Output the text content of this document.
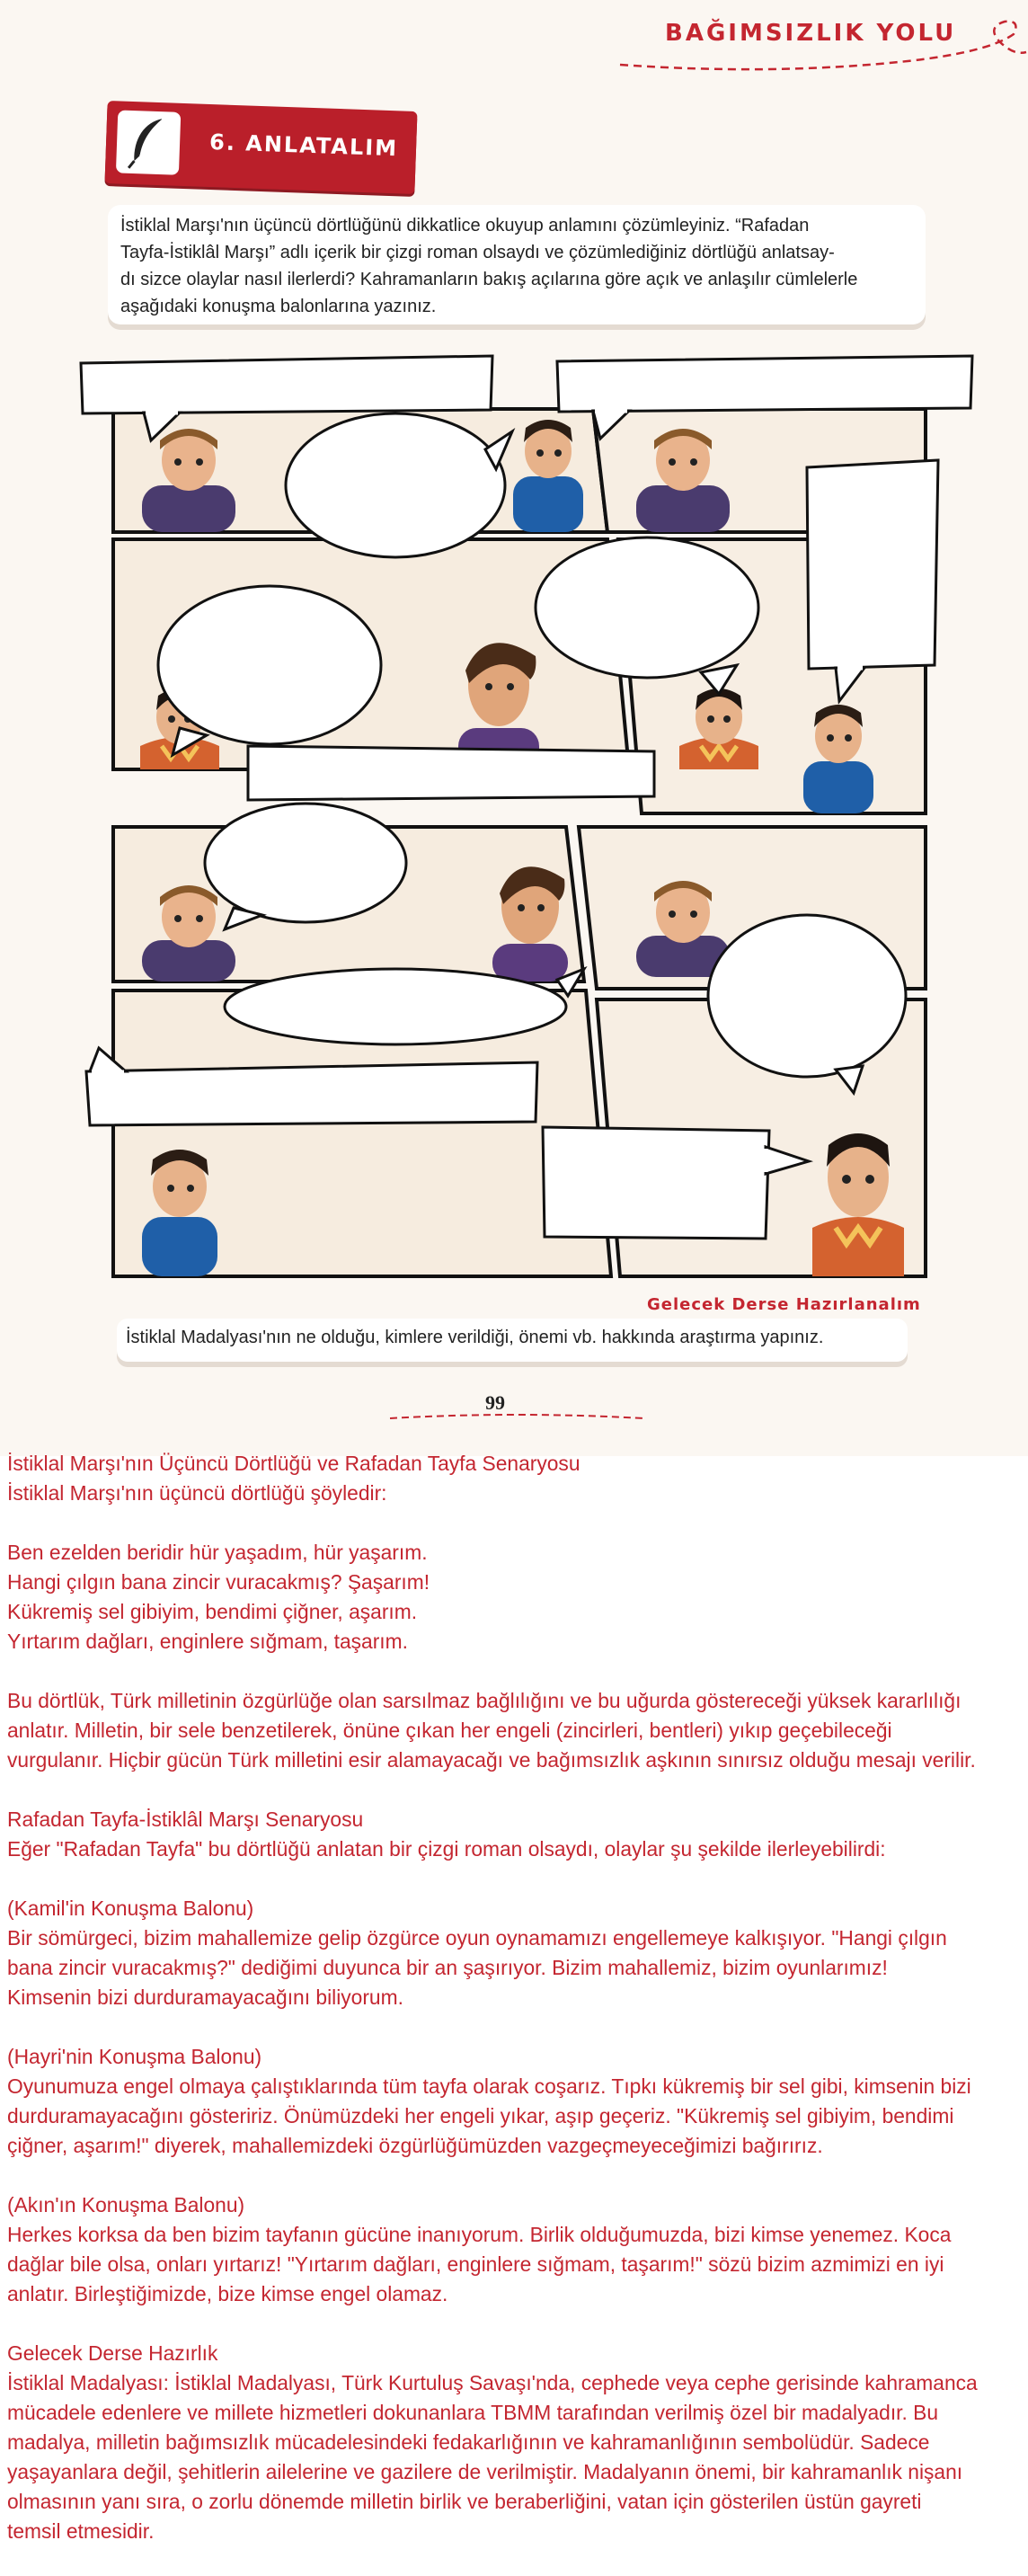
BAĞIMSIZLIK YOLU
6. ANLATALIM
İstiklal Marşı'nın üçüncü dörtlüğünü dikkatlice okuyup anlamını çözümleyiniz. “Rafadan
Tayfa-İstiklâl Marşı” adlı içerik bir çizgi roman olsaydı ve çözümlediğiniz dörtlüğü anlatsay-
dı sizce olaylar nasıl ilerlerdi? Kahramanların bakış açılarına göre açık ve anlaşılır cümlelerle
aşağıdaki konuşma balonlarına yazınız.
Gelecek Derse Hazırlanalım
İstiklal Madalyası'nın ne olduğu, kimlere verildiği, önemi vb. hakkında araştırma yapınız.
99

İstiklal Marşı'nın Üçüncü Dörtlüğü ve Rafadan Tayfa Senaryosu
İstiklal Marşı'nın üçüncü dörtlüğü şöyledir:

Ben ezelden beridir hür yaşadım, hür yaşarım.
Hangi çılgın bana zincir vuracakmış? Şaşarım!
Kükremiş sel gibiyim, bendimi çiğner, aşarım.
Yırtarım dağları, enginlere sığmam, taşarım.

Bu dörtlük, Türk milletinin özgürlüğe olan sarsılmaz bağlılığını ve bu uğurda göstereceği yüksek kararlılığı
anlatır. Milletin, bir sele benzetilerek, önüne çıkan her engeli (zincirleri, bentleri) yıkıp geçebileceği
vurgulanır. Hiçbir gücün Türk milletini esir alamayacağı ve bağımsızlık aşkının sınırsız olduğu mesajı verilir.

Rafadan Tayfa-İstiklâl Marşı Senaryosu
Eğer "Rafadan Tayfa" bu dörtlüğü anlatan bir çizgi roman olsaydı, olaylar şu şekilde ilerleyebilirdi:

(Kamil'in Konuşma Balonu)
Bir sömürgeci, bizim mahallemize gelip özgürce oyun oynamamızı engellemeye kalkışıyor. "Hangi çılgın
bana zincir vuracakmış?" dediğimi duyunca bir an şaşırıyor. Bizim mahallemiz, bizim oyunlarımız!
Kimsenin bizi durduramayacağını biliyorum.

(Hayri'nin Konuşma Balonu)
Oyunumuza engel olmaya çalıştıklarında tüm tayfa olarak coşarız. Tıpkı kükremiş bir sel gibi, kimsenin bizi
durduramayacağını gösteririz. Önümüzdeki her engeli yıkar, aşıp geçeriz. "Kükremiş sel gibiyim, bendimi
çiğner, aşarım!" diyerek, mahallemizdeki özgürlüğümüzden vazgeçmeyeceğimizi bağırırız.

(Akın'ın Konuşma Balonu)
Herkes korksa da ben bizim tayfanın gücüne inanıyorum. Birlik olduğumuzda, bizi kimse yenemez. Koca
dağlar bile olsa, onları yırtarız! "Yırtarım dağları, enginlere sığmam, taşarım!" sözü bizim azmimizi en iyi
anlatır. Birleştiğimizde, bize kimse engel olamaz.

Gelecek Derse Hazırlık
İstiklal Madalyası: İstiklal Madalyası, Türk Kurtuluş Savaşı'nda, cephede veya cephe gerisinde kahramanca
mücadele edenlere ve millete hizmetleri dokunanlara TBMM tarafından verilmiş özel bir madalyadır. Bu
madalya, milletin bağımsızlık mücadelesindeki fedakarlığının ve kahramanlığının sembolüdür. Sadece
yaşayanlara değil, şehitlerin ailelerine ve gazilere de verilmiştir. Madalyanın önemi, bir kahramanlık nişanı
olmasının yanı sıra, o zorlu dönemde milletin birlik ve beraberliğini, vatan için gösterilen üstün gayreti
temsil etmesidir.
